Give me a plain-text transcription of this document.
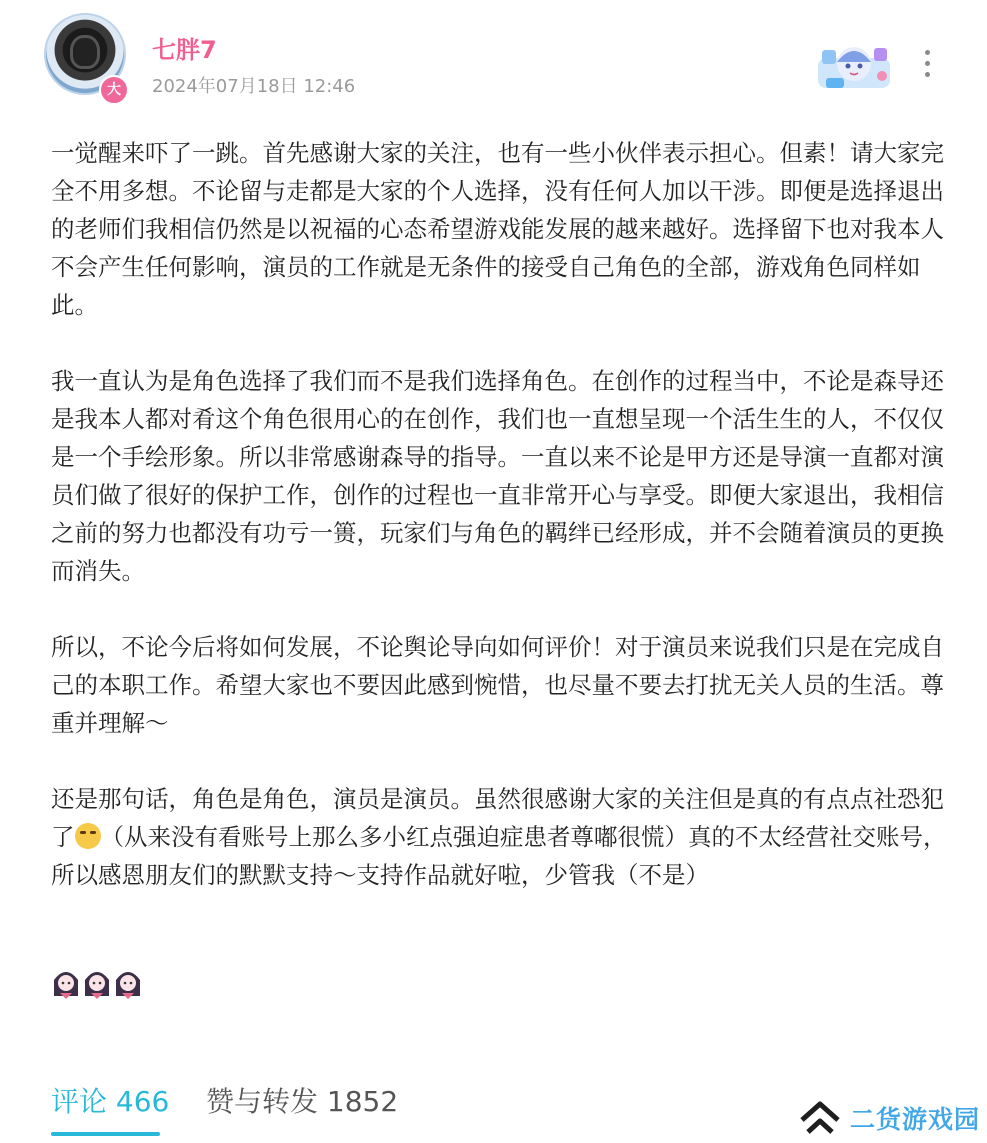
大
七胖7
2024年07月18日 12:46

一觉醒来吓了一跳。首先感谢大家的关注，也有一些小伙伴表示担心。但素！请大家完全不用多想。不论留与走都是大家的个人选择，没有任何人加以干涉。即便是选择退出的老师们我相信仍然是以祝福的心态希望游戏能发展的越来越好。选择留下也对我本人不会产生任何影响，演员的工作就是无条件的接受自己角色的全部，游戏角色同样如此。

我一直认为是角色选择了我们而不是我们选择角色。在创作的过程当中，不论是森导还是我本人都对肴这个角色很用心的在创作，我们也一直想呈现一个活生生的人，不仅仅是一个手绘形象。所以非常感谢森导的指导。一直以来不论是甲方还是导演一直都对演员们做了很好的保护工作，创作的过程也一直非常开心与享受。即便大家退出，我相信之前的努力也都没有功亏一篑，玩家们与角色的羁绊已经形成，并不会随着演员的更换而消失。

所以，不论今后将如何发展，不论舆论导向如何评价！对于演员来说我们只是在完成自己的本职工作。希望大家也不要因此感到惋惜，也尽量不要去打扰无关人员的生活。尊重并理解～

还是那句话，角色是角色，演员是演员。虽然很感谢大家的关注但是真的有点点社恐犯了 （从来没有看账号上那么多小红点强迫症患者尊嘟很慌）真的不太经营社交账号，所以感恩朋友们的默默支持～支持作品就好啦，少管我（不是）

评论 466 赞与转发 1852
二货游戏园
